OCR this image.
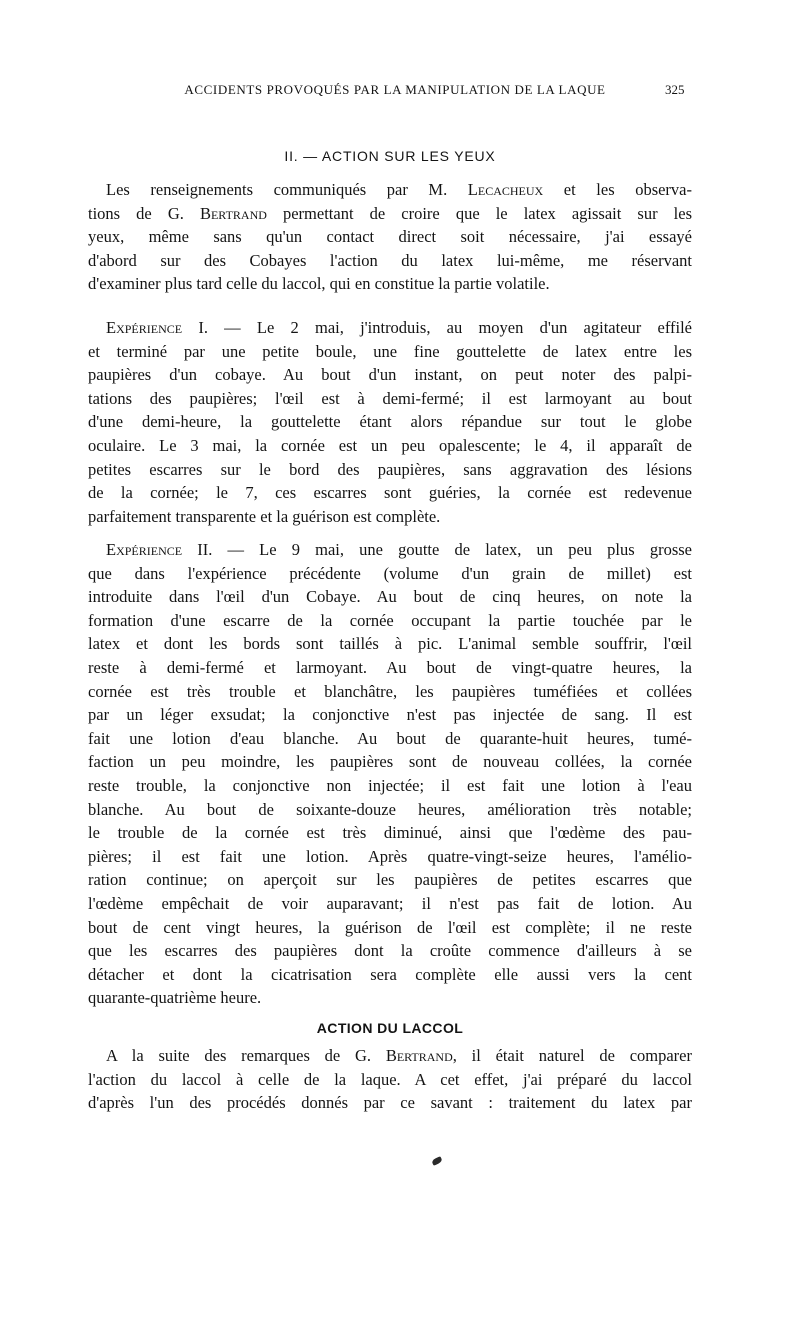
ACCIDENTS PROVOQUÉS PAR LA MANIPULATION DE LA LAQUE	325
II. — ACTION SUR LES YEUX

Les renseignements communiqués par M. Lecacheux et les observa-
tions de G. Bertrand permettant de croire que le latex agissait sur les
yeux, même sans qu'un contact direct soit nécessaire, j'ai essayé
d'abord sur des Cobayes l'action du latex lui-même, me réservant
d'examiner plus tard celle du laccol, qui en constitue la partie volatile.

Expérience I. — Le 2 mai, j'introduis, au moyen d'un agitateur effilé
et terminé par une petite boule, une fine gouttelette de latex entre les
paupières d'un cobaye. Au bout d'un instant, on peut noter des palpi-
tations des paupières; l'œil est à demi-fermé; il est larmoyant au bout
d'une demi-heure, la gouttelette étant alors répandue sur tout le globe
oculaire. Le 3 mai, la cornée est un peu opalescente; le 4, il apparaît de
petites escarres sur le bord des paupières, sans aggravation des lésions
de la cornée; le 7, ces escarres sont guéries, la cornée est redevenue
parfaitement transparente et la guérison est complète.

Expérience II. — Le 9 mai, une goutte de latex, un peu plus grosse
que dans l'expérience précédente (volume d'un grain de millet) est
introduite dans l'œil d'un Cobaye. Au bout de cinq heures, on note la
formation d'une escarre de la cornée occupant la partie touchée par le
latex et dont les bords sont taillés à pic. L'animal semble souffrir, l'œil
reste à demi-fermé et larmoyant. Au bout de vingt-quatre heures, la
cornée est très trouble et blanchâtre, les paupières tuméfiées et collées
par un léger exsudat; la conjonctive n'est pas injectée de sang. Il est
fait une lotion d'eau blanche. Au bout de quarante-huit heures, tumé-
faction un peu moindre, les paupières sont de nouveau collées, la cornée
reste trouble, la conjonctive non injectée; il est fait une lotion à l'eau
blanche. Au bout de soixante-douze heures, amélioration très notable;
le trouble de la cornée est très diminué, ainsi que l'œdème des pau-
pières; il est fait une lotion. Après quatre-vingt-seize heures, l'amélio-
ration continue; on aperçoit sur les paupières de petites escarres que
l'œdème empêchait de voir auparavant; il n'est pas fait de lotion. Au
bout de cent vingt heures, la guérison de l'œil est complète; il ne reste
que les escarres des paupières dont la croûte commence d'ailleurs à se
détacher et dont la cicatrisation sera complète elle aussi vers la cent
quarante-quatrième heure.

ACTION DU LACCOL

A la suite des remarques de G. Bertrand, il était naturel de comparer
l'action du laccol à celle de la laque. A cet effet, j'ai préparé du laccol
d'après l'un des procédés donnés par ce savant : traitement du latex par
